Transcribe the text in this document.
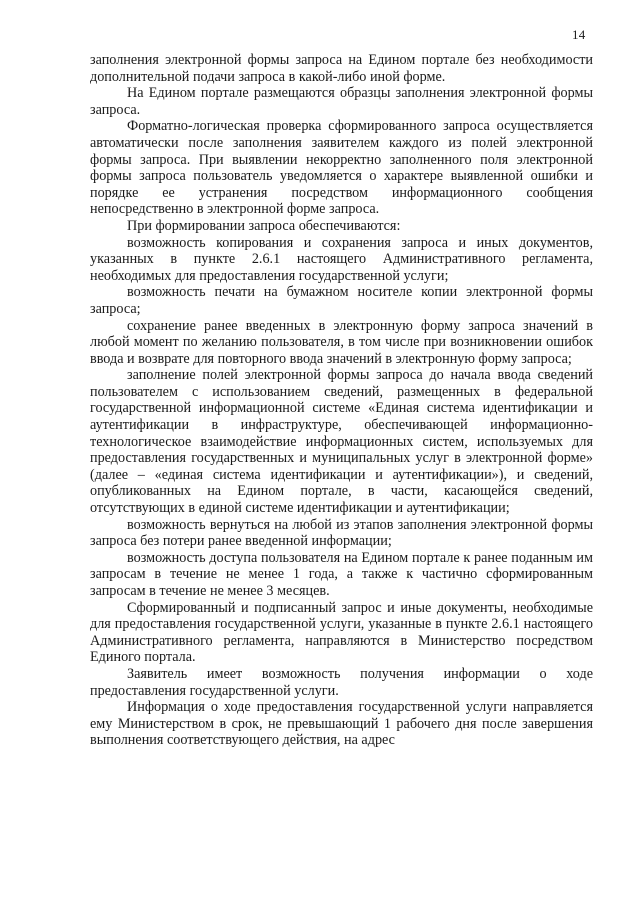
14

заполнения электронной формы запроса на Едином портале без необходимости дополнительной подачи запроса в какой-либо иной форме.

На Едином портале размещаются образцы заполнения электронной формы запроса.

Форматно-логическая проверка сформированного запроса осуществляется автоматически после заполнения заявителем каждого из полей электронной формы запроса. При выявлении некорректно заполненного поля электронной формы запроса пользователь уведомляется о характере выявленной ошибки и порядке ее устранения посредством информационного сообщения непосредственно в электронной форме запроса.

При формировании запроса обеспечиваются:

возможность копирования и сохранения запроса и иных документов, указанных в пункте 2.6.1 настоящего Административного регламента, необходимых для предоставления государственной услуги;

возможность печати на бумажном носителе копии электронной формы запроса;

сохранение ранее введенных в электронную форму запроса значений в любой момент по желанию пользователя, в том числе при возникновении ошибок ввода и возврате для повторного ввода значений в электронную форму запроса;

заполнение полей электронной формы запроса до начала ввода сведений пользователем с использованием сведений, размещенных в федеральной государственной информационной системе «Единая система идентификации и аутентификации в инфраструктуре, обеспечивающей информационно-технологическое взаимодействие информационных систем, используемых для предоставления государственных и муниципальных услуг в электронной форме» (далее – «единая система идентификации и аутентификации»), и сведений, опубликованных на Едином портале, в части, касающейся сведений, отсутствующих в единой системе идентификации и аутентификации;

возможность вернуться на любой из этапов заполнения электронной формы запроса без потери ранее введенной информации;

возможность доступа пользователя на Едином портале к ранее поданным им запросам в течение не менее 1 года, а также к частично сформированным запросам в течение не менее 3 месяцев.

Сформированный и подписанный запрос и иные документы, необходимые для предоставления государственной услуги, указанные в пункте 2.6.1 настоящего Административного регламента, направляются в Министерство посредством Единого портала.

Заявитель имеет возможность получения информации о ходе предоставления государственной услуги.

Информация о ходе предоставления государственной услуги направляется ему Министерством в срок, не превышающий 1 рабочего дня после завершения выполнения соответствующего действия, на адрес
